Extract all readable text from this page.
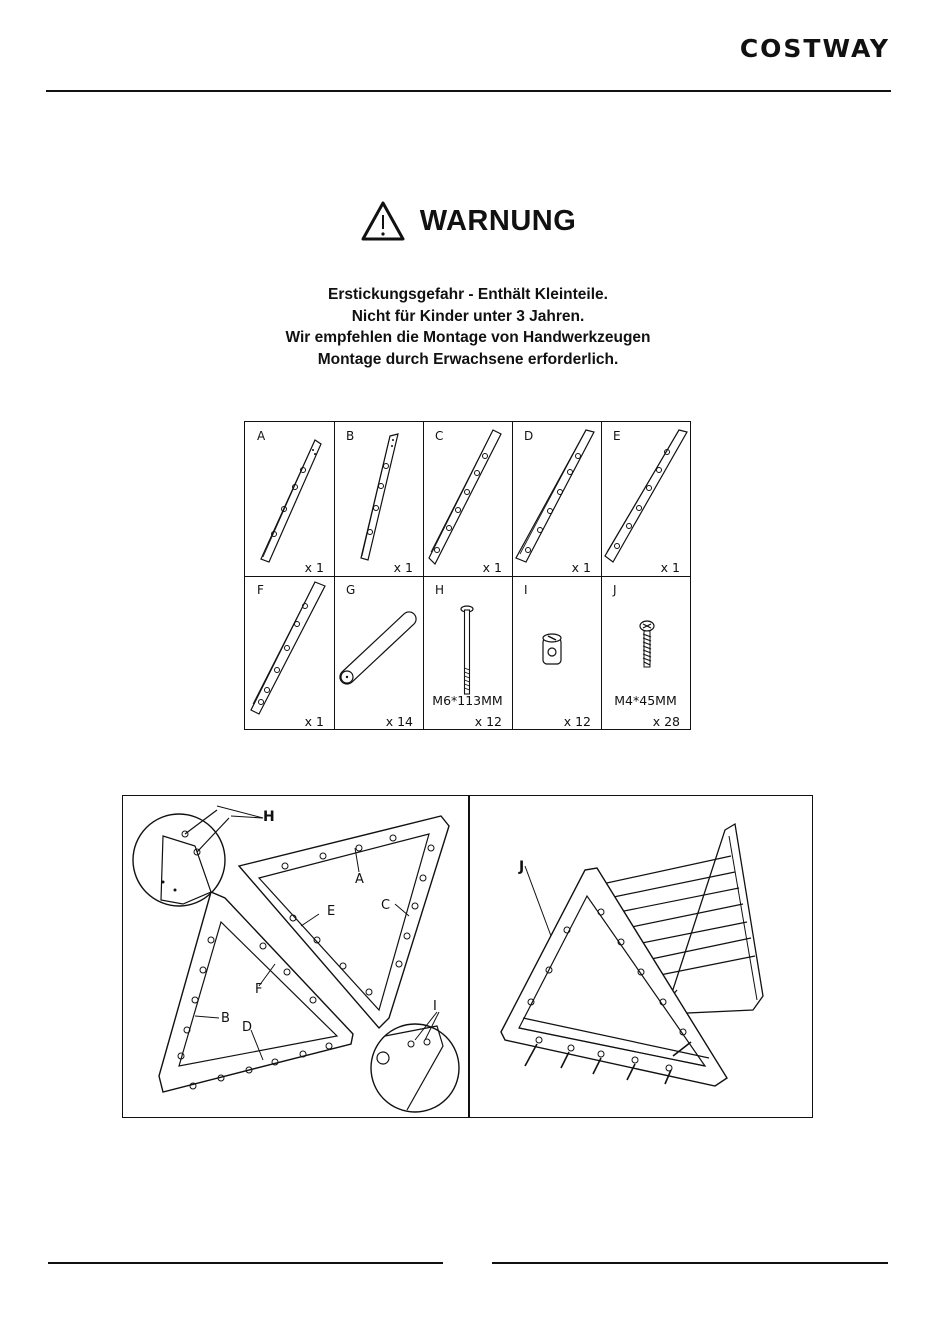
COSTWAY
WARNUNG
Erstickungsgefahr - Enthält Kleinteile.
Nicht für Kinder unter 3 Jahren.
Wir empfehlen die Montage von Handwerkzeugen
Montage durch Erwachsene erforderlich.
A
x 1
B
x 1
C
x 1
D
x 1
E
x 1
F
x 1
G
x 14
H
M6*113MM
x 12
I
x 12
J
M4*45MM
x 28
H
A
C
E
F
B
D
I
J
